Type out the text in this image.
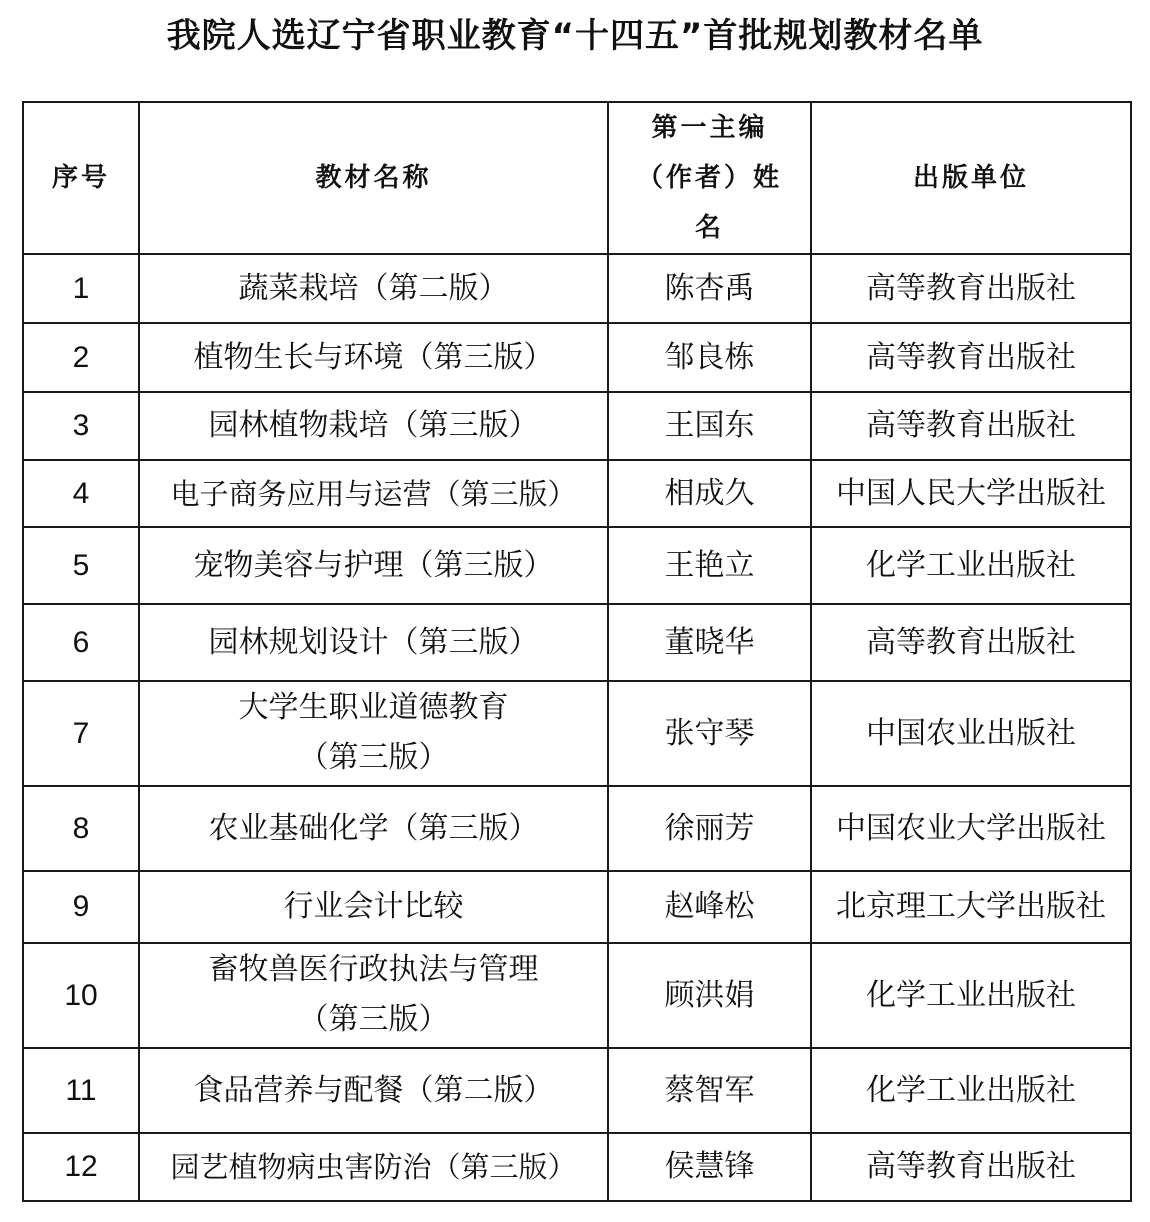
我院人选辽宁省职业教育“十四五”首批规划教材名单
序号	教材名称	第一主编（作者）姓名	出版单位
1	蔬菜栽培（第二版）	陈杏禹	高等教育出版社
2	植物生长与环境（第三版）	邹良栋	高等教育出版社
3	园林植物栽培（第三版）	王国东	高等教育出版社
4	电子商务应用与运营（第三版）	相成久	中国人民大学出版社
5	宠物美容与护理（第三版）	王艳立	化学工业出版社
6	园林规划设计（第三版）	董晓华	高等教育出版社
7	大学生职业道德教育（第三版）	张守琴	中国农业出版社
8	农业基础化学（第三版）	徐丽芳	中国农业大学出版社
9	行业会计比较	赵峰松	北京理工大学出版社
10	畜牧兽医行政执法与管理（第三版）	顾洪娟	化学工业出版社
11	食品营养与配餐（第二版）	蔡智军	化学工业出版社
12	园艺植物病虫害防治（第三版）	侯慧锋	高等教育出版社
